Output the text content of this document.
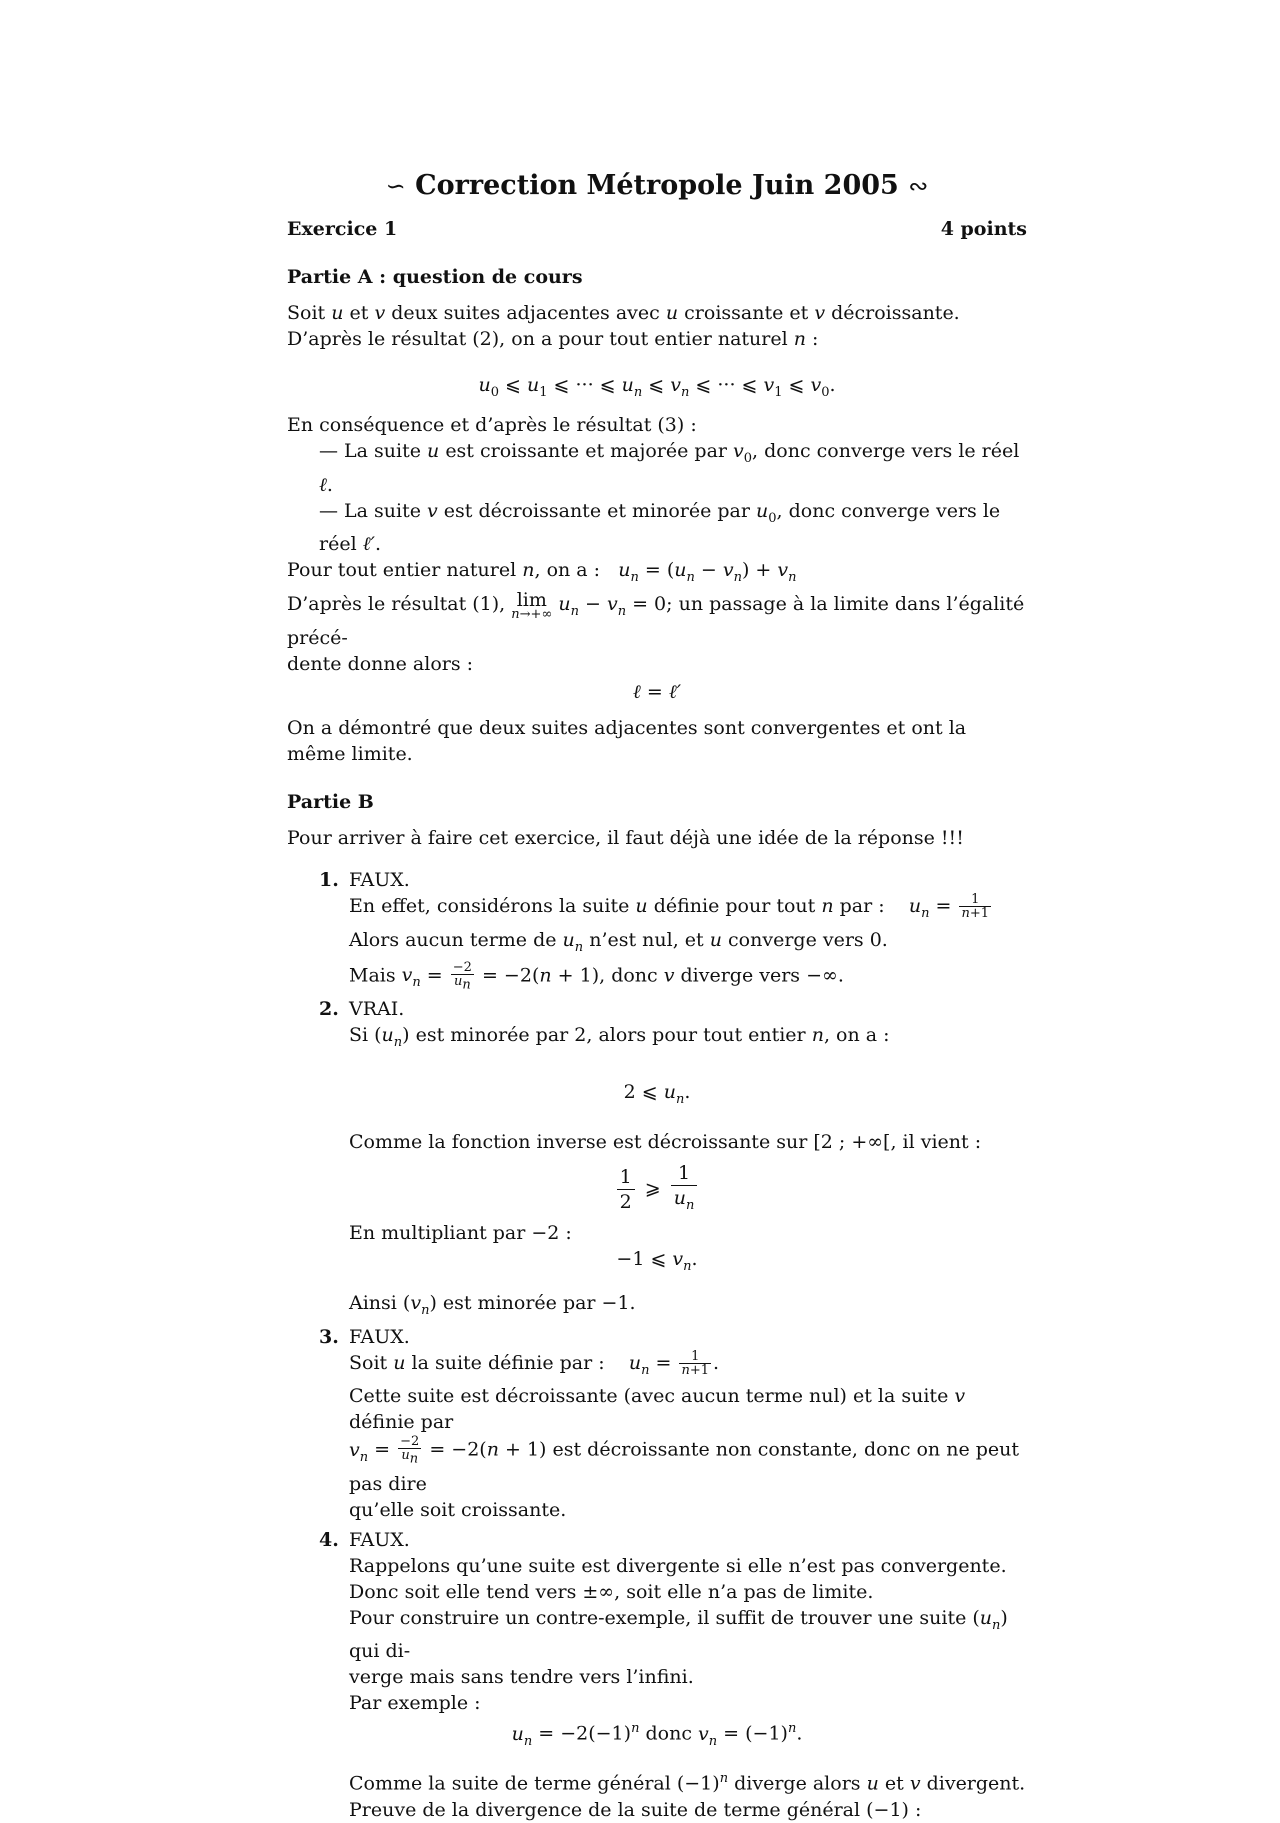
∽ Correction Métropole Juin 2005 ∾
Exercice 1	4 points
Partie A : question de cours

Soit u et v deux suites adjacentes avec u croissante et v décroissante.

D’après le résultat (2), on a pour tout entier naturel n :

$u_0$ ⩽ $u_1$ ⩽ ··· ⩽ $u_n$ ⩽ $v_n$ ⩽ ··· ⩽ $v_1$ ⩽ $v_0$.

En conséquence et d’après le résultat (3) :

— La suite u est croissante et majorée par $v_0$, donc converge vers le réel ℓ.

— La suite v est décroissante et minorée par $u_0$, donc converge vers le réel ℓ′.

Pour tout entier naturel n, on a : $u_n = (u_n - v_n) + v_n$

D’après le résultat (1), lim
n→+∞ $u_n - v_n = 0$; un passage à la limite dans l’égalité précé-

dente donne alors :

ℓ = ℓ′

On a démontré que deux suites adjacentes sont convergentes et ont la même limite.

Partie B

Pour arriver à faire cet exercice, il faut déjà une idée de la réponse !!!

1. FAUX.

En effet, considérons la suite u définie pour tout n par : $u_n = \frac{1}{n+1}$

Alors aucun terme de $u_n$ n’est nul, et u converge vers 0.

Mais $v_n = \frac{-2}{u_n} = -2(n + 1)$, donc v diverge vers −∞.

2. VRAI.

Si $(u_n)$ est minorée par 2, alors pour tout entier n, on a :

2 ⩽ $u_n$.

Comme la fonction inverse est décroissante sur [2 ; +∞[, il vient :

$\frac{1}{2}$ ⩾ $\frac{1}{u_n}$

En multipliant par −2 :

−1 ⩽ $v_n$.

Ainsi $(v_n)$ est minorée par −1.

3. FAUX.

Soit u la suite définie par : $u_n = \frac{1}{n+1}$ .

Cette suite est décroissante (avec aucun terme nul) et la suite v définie par

$v_n = \frac{-2}{u_n} = -2(n + 1)$ est décroissante non constante, donc on ne peut pas dire

qu’elle soit croissante.

4. FAUX.

Rappelons qu’une suite est divergente si elle n’est pas convergente.

Donc soit elle tend vers ±∞, soit elle n’a pas de limite.

Pour construire un contre-exemple, il suffit de trouver une suite $(u_n)$ qui di-

verge mais sans tendre vers l’infini.

Par exemple :

$u_n = -2(-1)^n$ donc $v_n = (-1)^n$.

Comme la suite de terme général $(-1)^n$ diverge alors u et v divergent.

Preuve de la divergence de la suite de terme général (−1) :
